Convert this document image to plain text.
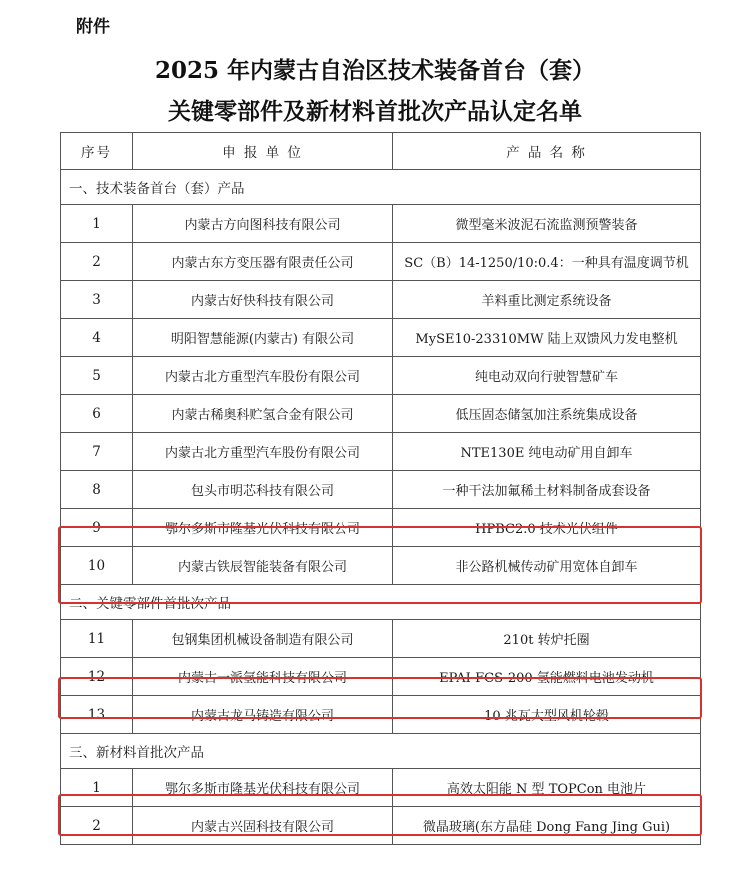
附件
2025 年内蒙古自治区技术装备首台（套）
关键零部件及新材料首批次产品认定名单
序号	申 报 单 位	产 品 名 称
一、技术装备首台（套）产品		
1	内蒙古方向图科技有限公司	微型毫米波泥石流监测预警装备
2	内蒙古东方变压器有限责任公司	SC（B）14-1250/10:0.4：一种具有温度调节机
3	内蒙古好快科技有限公司	羊料重比测定系统设备
4	明阳智慧能源(内蒙古) 有限公司	MySE10-23310MW 陆上双馈风力发电整机
5	内蒙古北方重型汽车股份有限公司	纯电动双向行驶智慧矿车
6	内蒙古稀奥科贮氢合金有限公司	低压固态储氢加注系统集成设备
7	内蒙古北方重型汽车股份有限公司	NTE130E 纯电动矿用自卸车
8	包头市明芯科技有限公司	一种干法加氟稀土材料制备成套设备
9	鄂尔多斯市隆基光伏科技有限公司	HPBC2.0 技术光伏组件
10	内蒙古铁辰智能装备有限公司	非公路机械传动矿用宽体自卸车
二、关键零部件首批次产品		
11	包钢集团机械设备制造有限公司	210t 转炉托圈
12	内蒙古一派氢能科技有限公司	EPAI-FCS-200 氢能燃料电池发动机
13	内蒙古龙马铸造有限公司	10 兆瓦大型风机轮毂
三、新材料首批次产品		
1	鄂尔多斯市隆基光伏科技有限公司	高效太阳能 N 型 TOPCon 电池片
2	内蒙古兴固科技有限公司	微晶玻璃(东方晶硅 Dong Fang Jing Gui)
